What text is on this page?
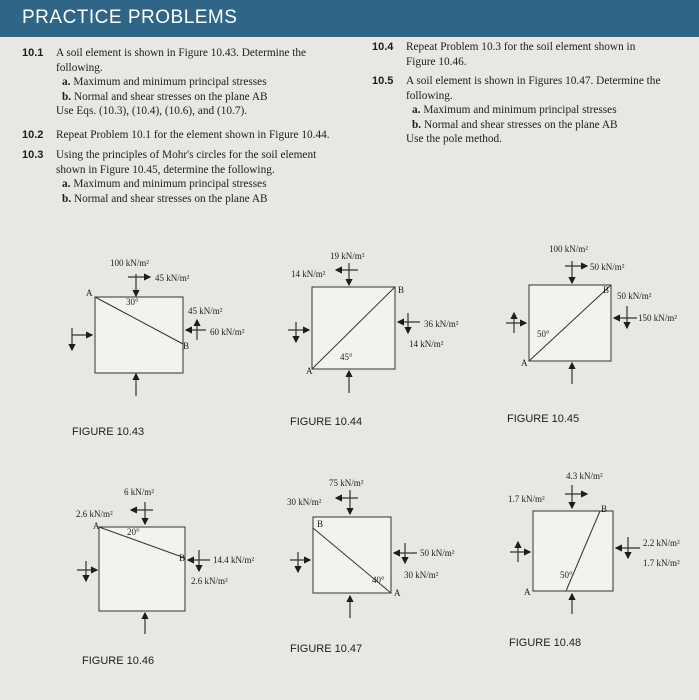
PRACTICE PROBLEMS
10.1 A soil element is shown in Figure 10.43. Determine the
following.
a. Maximum and minimum principal stresses
b. Normal and shear stresses on the plane AB
Use Eqs. (10.3), (10.4), (10.6), and (10.7).
10.2 Repeat Problem 10.1 for the element shown in Figure 10.44.
10.3 Using the principles of Mohr's circles for the soil element
shown in Figure 10.45, determine the following.
a. Maximum and minimum principal stresses
b. Normal and shear stresses on the plane AB
10.4 Repeat Problem 10.3 for the soil element shown in
Figure 10.46.
10.5 A soil element is shown in Figures 10.47. Determine the
following.
a. Maximum and minimum principal stresses
b. Normal and shear stresses on the plane AB
Use the pole method.
100 kN/m²
45 kN/m²
A
30°
45 kN/m²
60 kN/m²
B
FIGURE 10.43
19 kN/m²
14 kN/m²
B
36 kN/m²
14 kN/m²
45°
A
FIGURE 10.44
100 kN/m²
50 kN/m²
B
50 kN/m²
150 kN/m²
50°
A
FIGURE 10.45
6 kN/m²
2.6 kN/m²
A
20°
B	14.4 kN/m²
2.6 kN/m²
FIGURE 10.46
75 kN/m²
30 kN/m²
B
50 kN/m²
30 kN/m²
40°
A
FIGURE 10.47
4.3 kN/m²
1.7 kN/m²
B
2.2 kN/m²
1.7 kN/m²
50°
A
FIGURE 10.48
